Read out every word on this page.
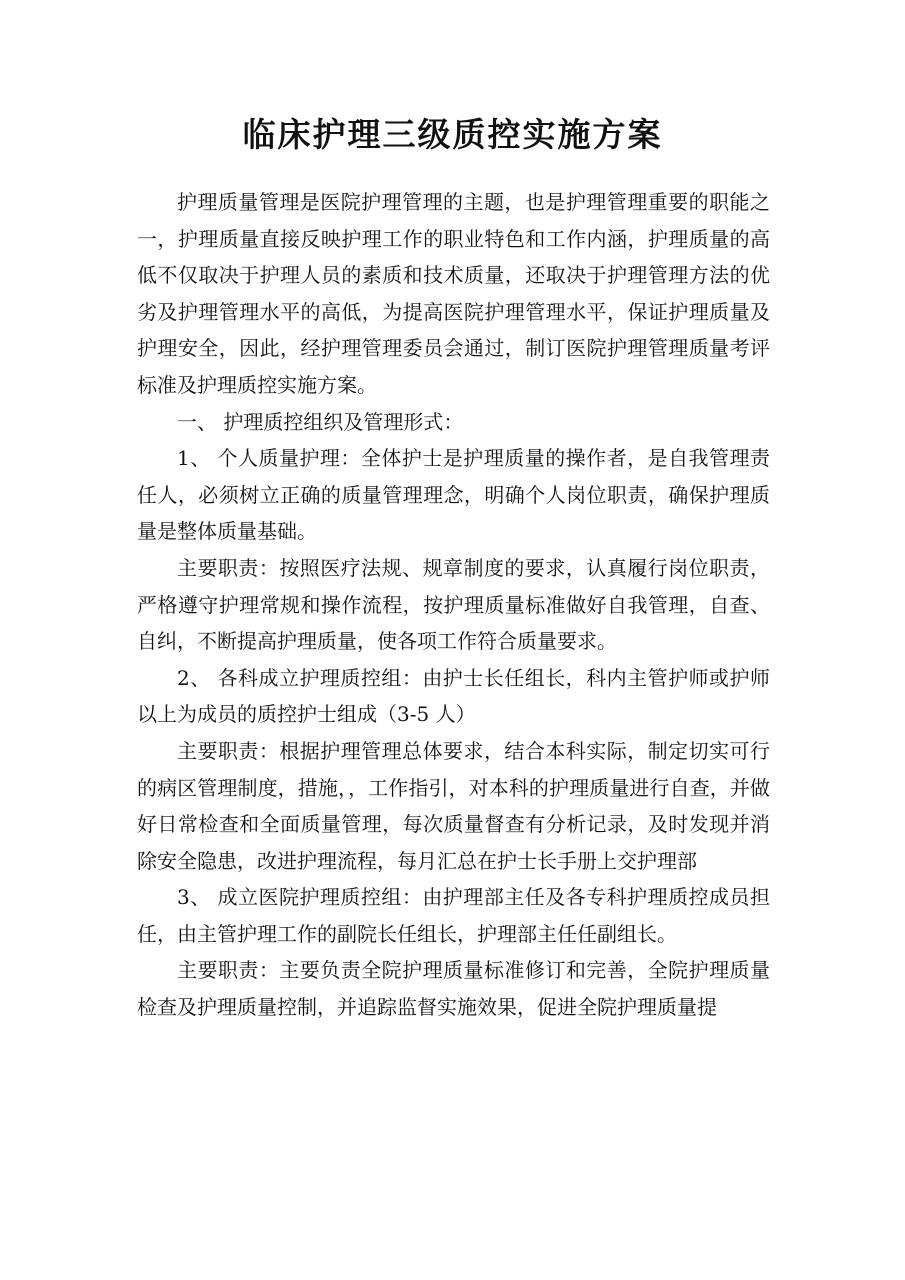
临床护理三级质控实施方案

护理质量管理是医院护理管理的主题，也是护理管理重要的职能之一，护理质量直接反映护理工作的职业特色和工作内涵，护理质量的高低不仅取决于护理人员的素质和技术质量，还取决于护理管理方法的优劣及护理管理水平的高低，为提高医院护理管理水平，保证护理质量及护理安全，因此，经护理管理委员会通过，制订医院护理管理质量考评标准及护理质控实施方案。

一、 护理质控组织及管理形式：

1、 个人质量护理：全体护士是护理质量的操作者，是自我管理责任人，必须树立正确的质量管理理念，明确个人岗位职责，确保护理质量是整体质量基础。

主要职责：按照医疗法规、规章制度的要求，认真履行岗位职责，严格遵守护理常规和操作流程，按护理质量标准做好自我管理，自查、自纠，不断提高护理质量，使各项工作符合质量要求。

2、 各科成立护理质控组：由护士长任组长，科内主管护师或护师以上为成员的质控护士组成（3-5 人）

主要职责：根据护理管理总体要求，结合本科实际，制定切实可行的病区管理制度，措施，，工作指引，对本科的护理质量进行自查，并做好日常检查和全面质量管理，每次质量督查有分析记录，及时发现并消除安全隐患，改进护理流程，每月汇总在护士长手册上交护理部

3、 成立医院护理质控组：由护理部主任及各专科护理质控成员担任，由主管护理工作的副院长任组长，护理部主任任副组长。

主要职责：主要负责全院护理质量标准修订和完善，全院护理质量检查及护理质量控制，并追踪监督实施效果，促进全院护理质量提
